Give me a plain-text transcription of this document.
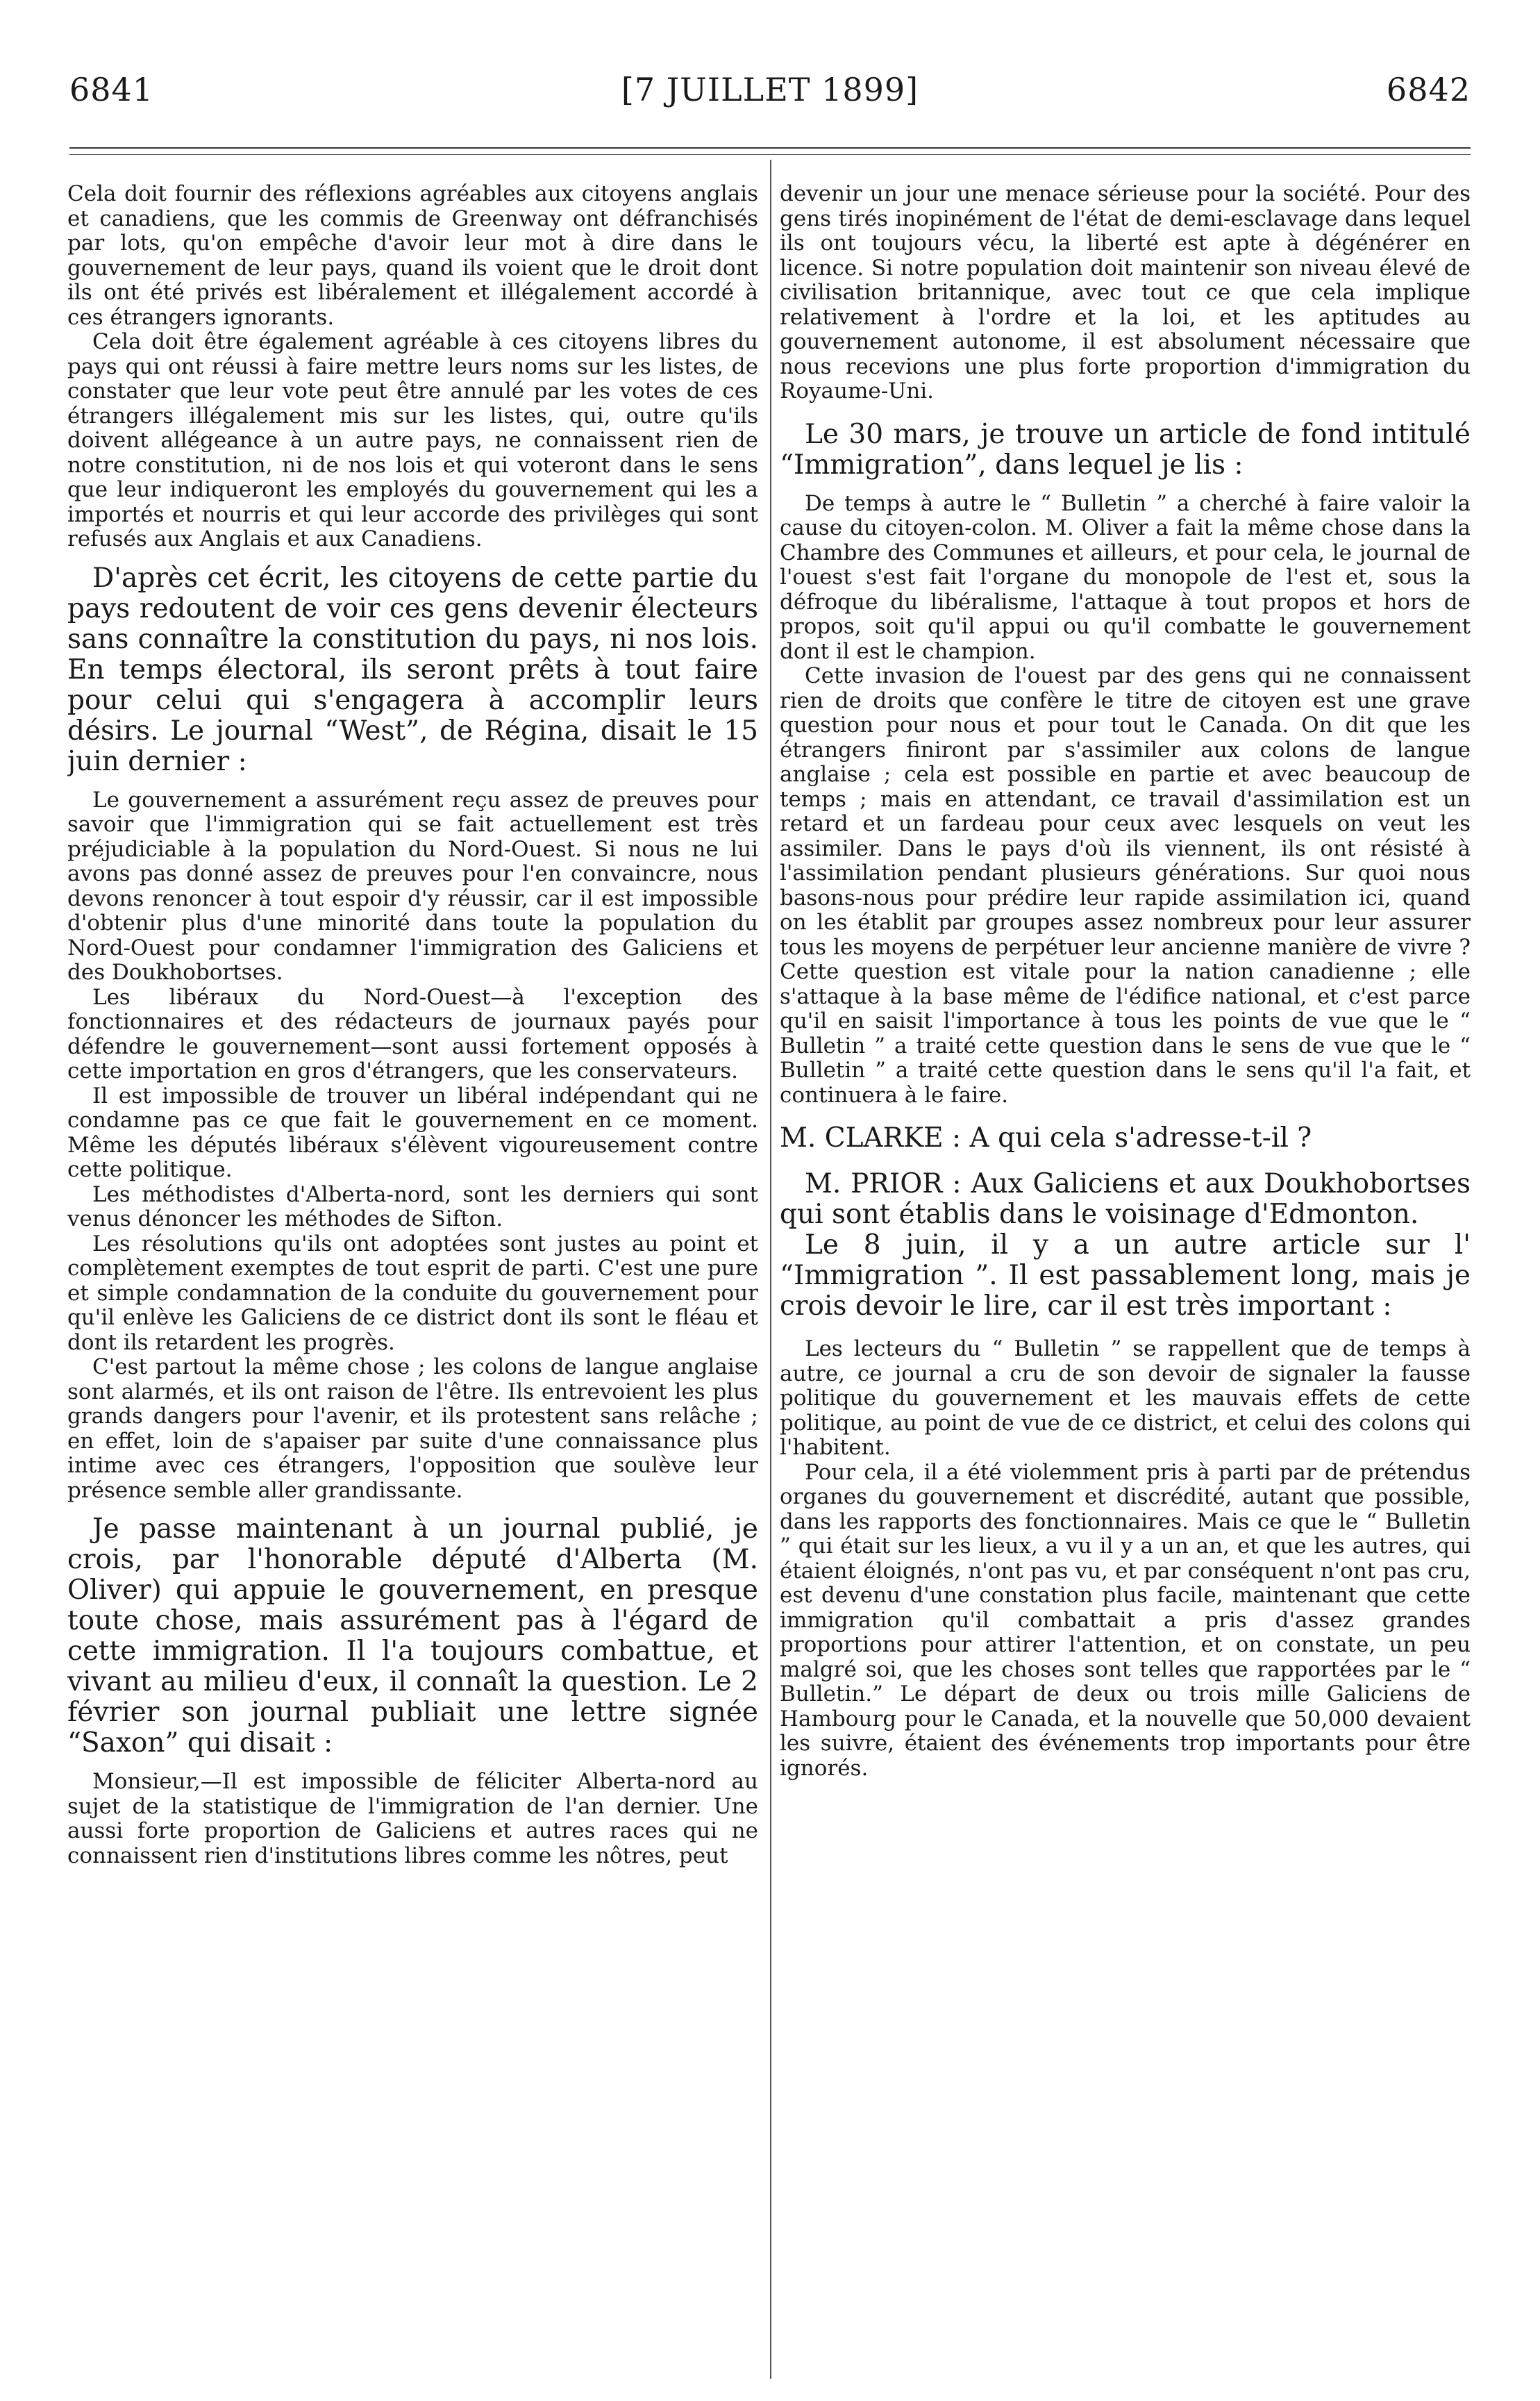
6841	[7 JUILLET 1899]	6842

Cela doit fournir des réflexions agréables aux citoyens anglais et canadiens, que les commis de Greenway ont défranchisés par lots, qu'on empêche d'avoir leur mot à dire dans le gouvernement de leur pays, quand ils voient que le droit dont ils ont été privés est libéralement et illégalement accordé à ces étrangers ignorants.

Cela doit être également agréable à ces citoyens libres du pays qui ont réussi à faire mettre leurs noms sur les listes, de constater que leur vote peut être annulé par les votes de ces étrangers illégalement mis sur les listes, qui, outre qu'ils doivent allégeance à un autre pays, ne connaissent rien de notre constitution, ni de nos lois et qui voteront dans le sens que leur indiqueront les employés du gouvernement qui les a importés et nourris et qui leur accorde des privilèges qui sont refusés aux Anglais et aux Canadiens.

D'après cet écrit, les citoyens de cette partie du pays redoutent de voir ces gens devenir électeurs sans connaître la constitution du pays, ni nos lois. En temps électoral, ils seront prêts à tout faire pour celui qui s'engagera à accomplir leurs désirs. Le journal “West”, de Régina, disait le 15 juin dernier :

Le gouvernement a assurément reçu assez de preuves pour savoir que l'immigration qui se fait actuellement est très préjudiciable à la population du Nord-Ouest. Si nous ne lui avons pas donné assez de preuves pour l'en convaincre, nous devons renoncer à tout espoir d'y réussir, car il est impossible d'obtenir plus d'une minorité dans toute la population du Nord-Ouest pour condamner l'immigration des Galiciens et des Doukhobortses.

Les libéraux du Nord-Ouest—à l'exception des fonctionnaires et des rédacteurs de journaux payés pour défendre le gouvernement—sont aussi fortement opposés à cette importation en gros d'étrangers, que les conservateurs.

Il est impossible de trouver un libéral indépendant qui ne condamne pas ce que fait le gouvernement en ce moment. Même les députés libéraux s'élèvent vigoureusement contre cette politique.

Les méthodistes d'Alberta-nord, sont les derniers qui sont venus dénoncer les méthodes de Sifton.

Les résolutions qu'ils ont adoptées sont justes au point et complètement exemptes de tout esprit de parti. C'est une pure et simple condamnation de la conduite du gouvernement pour qu'il enlève les Galiciens de ce district dont ils sont le fléau et dont ils retardent les progrès.

C'est partout la même chose ; les colons de langue anglaise sont alarmés, et ils ont raison de l'être. Ils entrevoient les plus grands dangers pour l'avenir, et ils protestent sans relâche ; en effet, loin de s'apaiser par suite d'une connaissance plus intime avec ces étrangers, l'opposition que soulève leur présence semble aller grandissante.

Je passe maintenant à un journal publié, je crois, par l'honorable député d'Alberta (M. Oliver) qui appuie le gouvernement, en presque toute chose, mais assurément pas à l'égard de cette immigration. Il l'a toujours combattue, et vivant au milieu d'eux, il connaît la question. Le 2 février son journal publiait une lettre signée “Saxon” qui disait :

Monsieur,—Il est impossible de féliciter Alberta-nord au sujet de la statistique de l'immigration de l'an dernier. Une aussi forte proportion de Galiciens et autres races qui ne connaissent rien d'institutions libres comme les nôtres, peut

devenir un jour une menace sérieuse pour la société. Pour des gens tirés inopinément de l'état de demi-esclavage dans lequel ils ont toujours vécu, la liberté est apte à dégénérer en licence. Si notre population doit maintenir son niveau élevé de civilisation britannique, avec tout ce que cela implique relativement à l'ordre et la loi, et les aptitudes au gouvernement autonome, il est absolument nécessaire que nous recevions une plus forte proportion d'immigration du Royaume-Uni.

Le 30 mars, je trouve un article de fond intitulé “Immigration”, dans lequel je lis :

De temps à autre le “ Bulletin ” a cherché à faire valoir la cause du citoyen-colon. M. Oliver a fait la même chose dans la Chambre des Communes et ailleurs, et pour cela, le journal de l'ouest s'est fait l'organe du monopole de l'est et, sous la défroque du libéralisme, l'attaque à tout propos et hors de propos, soit qu'il appui ou qu'il combatte le gouvernement dont il est le champion.

Cette invasion de l'ouest par des gens qui ne connaissent rien de droits que confère le titre de citoyen est une grave question pour nous et pour tout le Canada. On dit que les étrangers finiront par s'assimiler aux colons de langue anglaise ; cela est possible en partie et avec beaucoup de temps ; mais en attendant, ce travail d'assimilation est un retard et un fardeau pour ceux avec lesquels on veut les assimiler. Dans le pays d'où ils viennent, ils ont résisté à l'assimilation pendant plusieurs générations. Sur quoi nous basons-nous pour prédire leur rapide assimilation ici, quand on les établit par groupes assez nombreux pour leur assurer tous les moyens de perpétuer leur ancienne manière de vivre ? Cette question est vitale pour la nation canadienne ; elle s'attaque à la base même de l'édifice national, et c'est parce qu'il en saisit l'importance à tous les points de vue que le “ Bulletin ” a traité cette question dans le sens de vue que le “ Bulletin ” a traité cette question dans le sens qu'il l'a fait, et continuera à le faire.

M. CLARKE : A qui cela s'adresse-t-il ?

M. PRIOR : Aux Galiciens et aux Doukhobortses qui sont établis dans le voisinage d'Edmonton.

Le 8 juin, il y a un autre article sur l' “Immigration ”. Il est passablement long, mais je crois devoir le lire, car il est très important :

Les lecteurs du “ Bulletin ” se rappellent que de temps à autre, ce journal a cru de son devoir de signaler la fausse politique du gouvernement et les mauvais effets de cette politique, au point de vue de ce district, et celui des colons qui l'habitent.

Pour cela, il a été violemment pris à parti par de prétendus organes du gouvernement et discrédité, autant que possible, dans les rapports des fonctionnaires. Mais ce que le “ Bulletin ” qui était sur les lieux, a vu il y a un an, et que les autres, qui étaient éloignés, n'ont pas vu, et par conséquent n'ont pas cru, est devenu d'une constation plus facile, maintenant que cette immigration qu'il combattait a pris d'assez grandes proportions pour attirer l'attention, et on constate, un peu malgré soi, que les choses sont telles que rapportées par le “ Bulletin.” Le départ de deux ou trois mille Galiciens de Hambourg pour le Canada, et la nouvelle que 50,000 devaient les suivre, étaient des événements trop importants pour être ignorés.
